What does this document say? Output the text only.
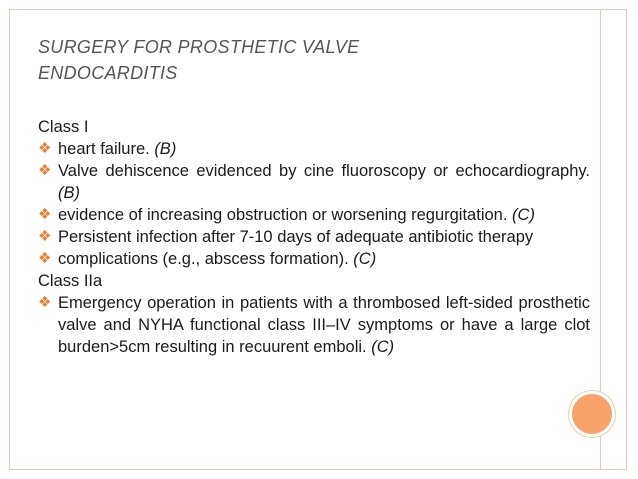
SURGERY FOR PROSTHETIC VALVE
ENDOCARDITIS
Class I
❖ heart failure. (B)
❖ Valve dehiscence evidenced by cine fluoroscopy or echocardiography. (B)
❖ evidence of increasing obstruction or worsening regurgitation. (C)
❖ Persistent infection after 7-10 days of adequate antibiotic therapy
❖ complications (e.g., abscess formation). (C)
Class IIa
❖ Emergency operation in patients with a thrombosed left-sided prosthetic valve and NYHA functional class III–IV symptoms or have a large clot burden>5cm resulting in recuurent emboli. (C)
